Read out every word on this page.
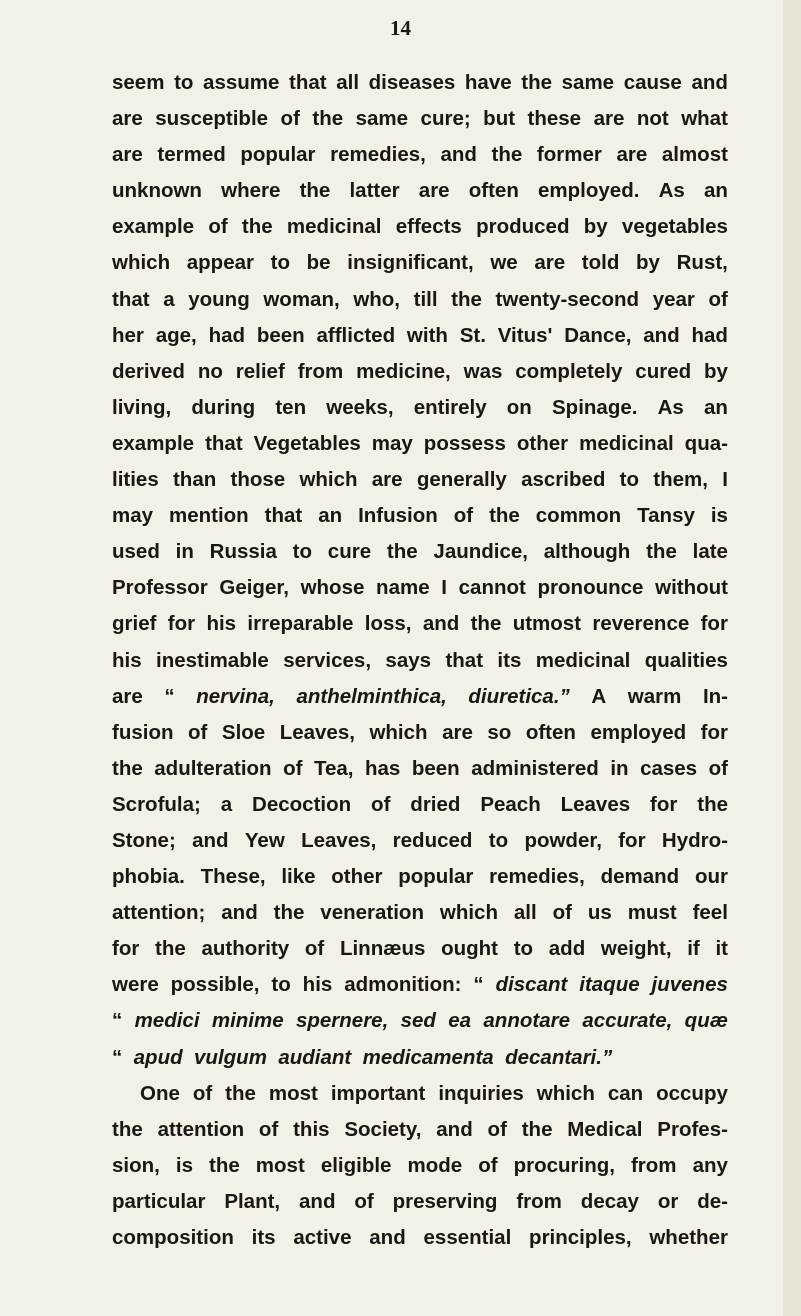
14
seem to assume that all diseases have the same cause and
are susceptible of the same cure; but these are not what
are termed popular remedies, and the former are almost
unknown where the latter are often employed. As an
example of the medicinal effects produced by vegetables
which appear to be insignificant, we are told by Rust,
that a young woman, who, till the twenty-second year of
her age, had been afflicted with St. Vitus' Dance, and had
derived no relief from medicine, was completely cured by
living, during ten weeks, entirely on Spinage. As an
example that Vegetables may possess other medicinal qua-
lities than those which are generally ascribed to them, I
may mention that an Infusion of the common Tansy is
used in Russia to cure the Jaundice, although the late
Professor Geiger, whose name I cannot pronounce without
grief for his irreparable loss, and the utmost reverence for
his inestimable services, says that its medicinal qualities
are “ nervina, anthelminthica, diuretica.” A warm In-
fusion of Sloe Leaves, which are so often employed for
the adulteration of Tea, has been administered in cases of
Scrofula; a Decoction of dried Peach Leaves for the
Stone; and Yew Leaves, reduced to powder, for Hydro-
phobia. These, like other popular remedies, demand our
attention; and the veneration which all of us must feel
for the authority of Linnæus ought to add weight, if it
were possible, to his admonition: “ discant itaque juvenes
“ medici minime spernere, sed ea annotare accurate, quæ
“
apud
vulgum
audiant
medicamenta
decantari.”
One of the most important inquiries which can occupy
the attention of this Society, and of the Medical Profes-
sion, is the most eligible mode of procuring, from any
particular Plant, and of preserving from decay or de-
composition its active and essential principles, whether
